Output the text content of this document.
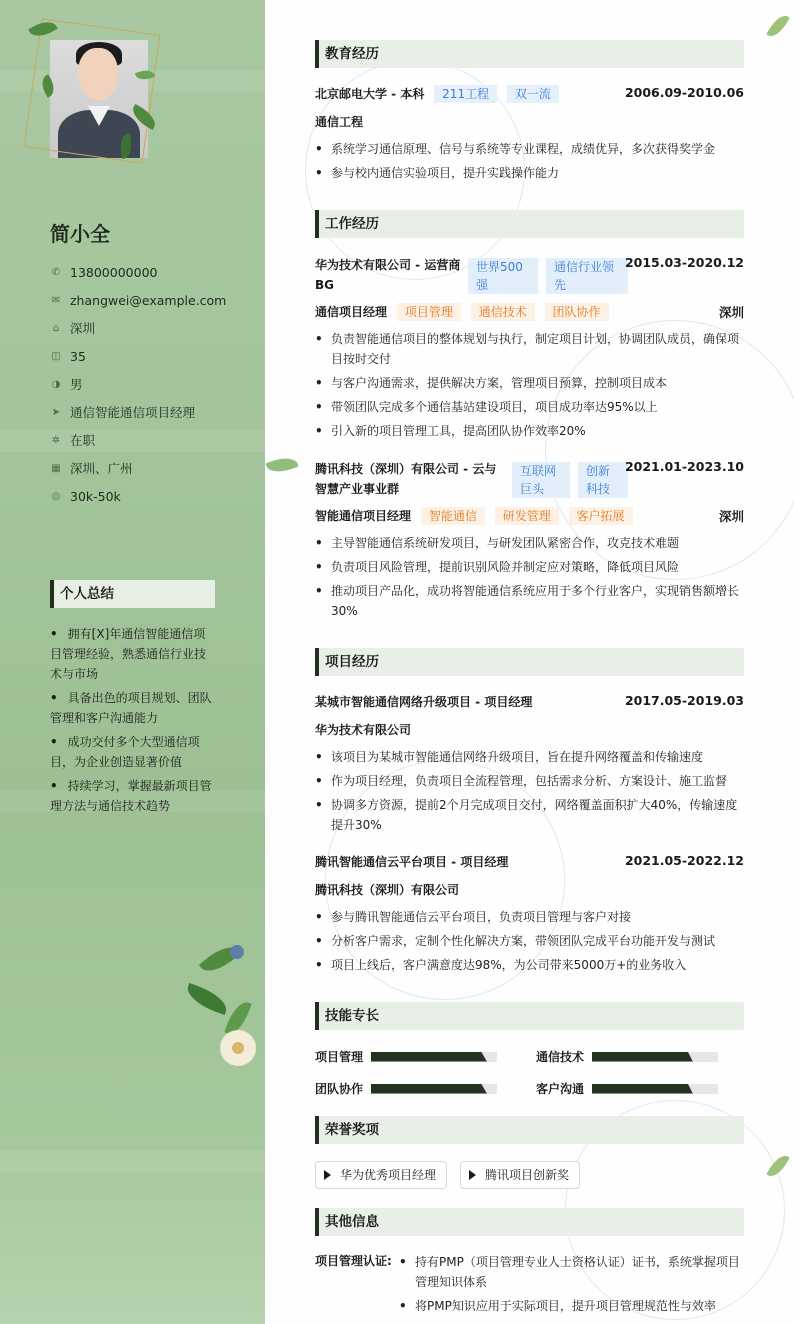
简小全
✆ 13800000000
✉ zhangwei@example.com
⌂ 深圳
◫ 35
◑ 男
➤ 通信智能通信项目经理
✲ 在职
▦ 深圳、广州
◎ 30k-50k
个人总结
• 拥有[X]年通信智能通信项目管理经验，熟悉通信行业技术与市场
• 具备出色的项目规划、团队管理和客户沟通能力
• 成功交付多个大型通信项目，为企业创造显著价值
• 持续学习，掌握最新项目管理方法与通信技术趋势
教育经历
北京邮电大学 - 本科 211工程 双一流	2006.09-2010.06
通信工程
• 系统学习通信原理、信号与系统等专业课程，成绩优异，多次获得奖学金
• 参与校内通信实验项目，提升实践操作能力
工作经历
华为技术有限公司 - 运营商
BG
世界500
强
通信行业领
先
2015.03-2020.12
通信项目经理 项目管理 通信技术 团队协作	深圳
• 负责智能通信项目的整体规划与执行，制定项目计划，协调团队成员，确保项目按时交付
• 与客户沟通需求，提供解决方案，管理项目预算，控制项目成本
• 带领团队完成多个通信基站建设项目，项目成功率达95%以上
• 引入新的项目管理工具，提高团队协作效率20%
腾讯科技（深圳）有限公司 - 云与
智慧产业事业群
互联网
巨头
创新
科技
2021.01-2023.10
智能通信项目经理 智能通信 研发管理 客户拓展	深圳
• 主导智能通信系统研发项目，与研发团队紧密合作，攻克技术难题
• 负责项目风险管理，提前识别风险并制定应对策略，降低项目风险
• 推动项目产品化，成功将智能通信系统应用于多个行业客户，实现销售额增长30%
项目经历
某城市智能通信网络升级项目 - 项目经理	2017.05-2019.03
华为技术有限公司
• 该项目为某城市智能通信网络升级项目，旨在提升网络覆盖和传输速度
• 作为项目经理，负责项目全流程管理，包括需求分析、方案设计、施工监督
• 协调多方资源，提前2个月完成项目交付，网络覆盖面积扩大40%，传输速度提升30%
腾讯智能通信云平台项目 - 项目经理	2021.05-2022.12
腾讯科技（深圳）有限公司
• 参与腾讯智能通信云平台项目，负责项目管理与客户对接
• 分析客户需求，定制个性化解决方案，带领团队完成平台功能开发与测试
• 项目上线后，客户满意度达98%，为公司带来5000万+的业务收入
技能专长
项目管理	通信技术
团队协作	客户沟通
荣誉奖项
华为优秀项目经理	腾讯项目创新奖
其他信息
项目管理认证:
•	持有PMP（项目管理专业人士资格认证）证书，系统掌握项目管理知识体系
• 将PMP知识应用于实际项目，提升项目管理规范性与效率
